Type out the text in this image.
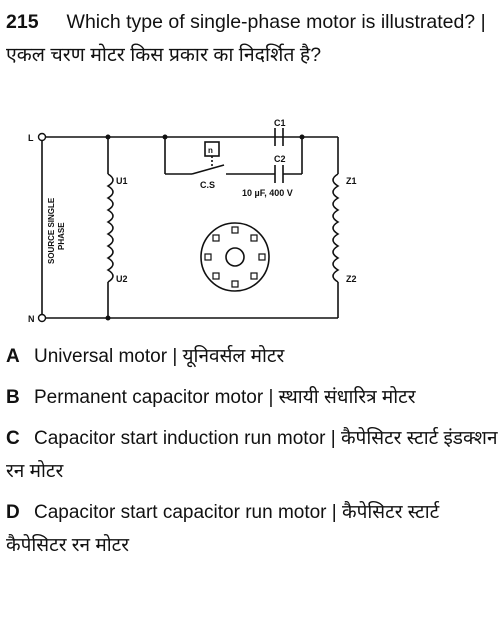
215 Which type of single-phase motor is illustrated? | एकल चरण मोटर किस प्रकार का निदर्शित है?
L
N
C1
C2
U1
U2
Z1
Z2
C.S
n
10 µF, 400 V
SOURCE SINGLE PHASE
A Universal motor | यूनिवर्सल मोटर
B Permanent capacitor motor | स्थायी संधारित्र मोटर
C Capacitor start induction run motor | कैपेसिटर स्टार्ट इंडक्शन रन मोटर
D Capacitor start capacitor run motor | कैपेसिटर स्टार्ट कैपेसिटर रन मोटर
